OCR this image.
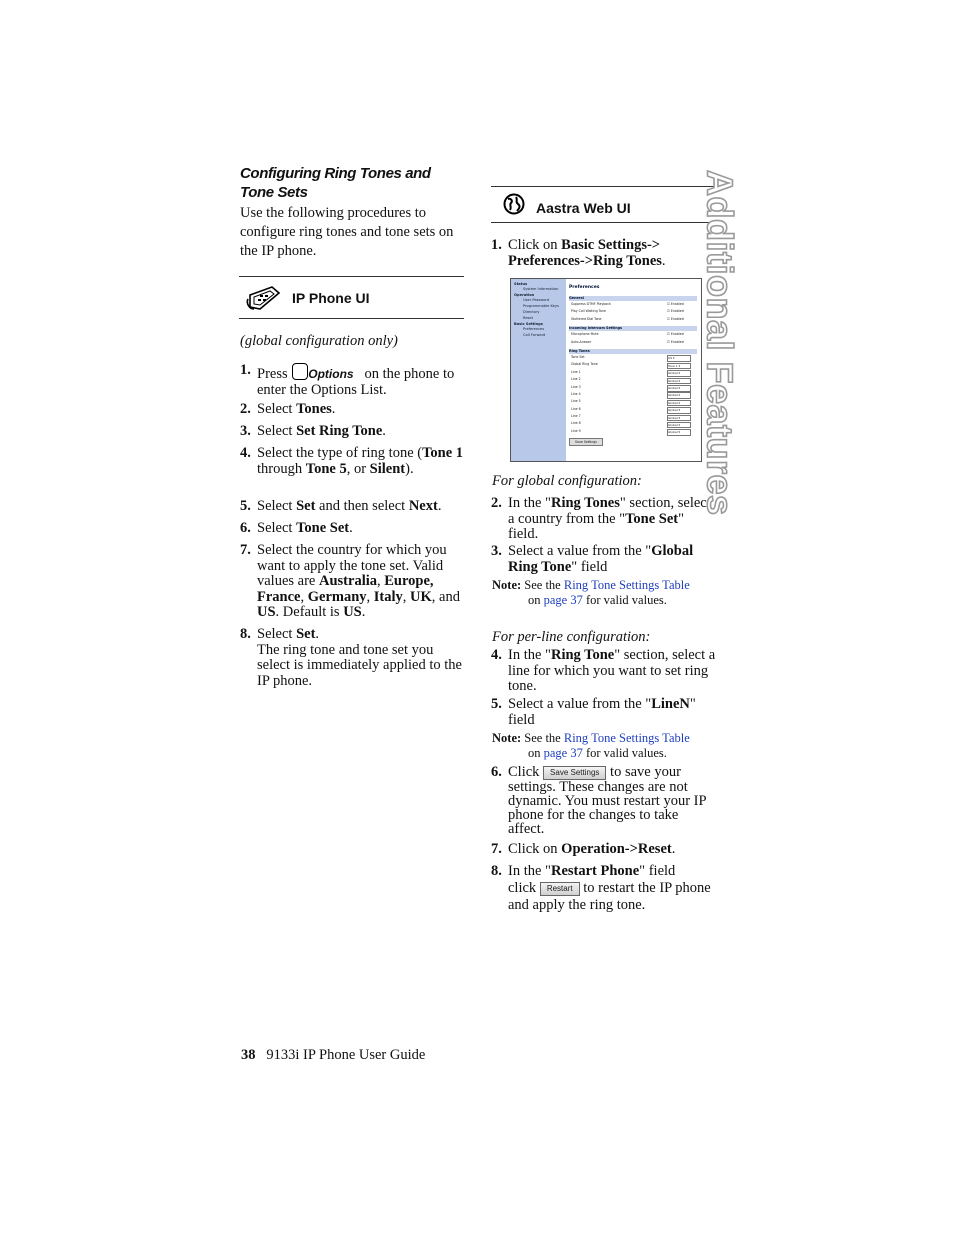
Configuring Ring Tones and Tone Sets
Use the following procedures to configure ring tones and tone sets on the IP phone.
IP Phone UI
(global configuration only)
1. Press Options on the phone to enter the Options List.
2. Select Tones.
3. Select Set Ring Tone.
4. Select the type of ring tone (Tone 1 through Tone 5, or Silent).
5. Select Set and then select Next.
6. Select Tone Set.
7. Select the country for which you want to apply the tone set. Valid values are Australia, Europe, France, Germany, Italy, UK, and US. Default is US.
8. Select Set.
The ring tone and tone set you select is immediately applied to the IP phone.
Aastra Web UI
1. Click on Basic Settings-> Preferences->Ring Tones.
Status
System Information
Operation
User Password
Programmable Keys
Directory
Reset
Basic Settings
Preferences
Call Forward
Preferences
General
Suppress DTMF Playback	☑ Enabled
Play Call Waiting Tone	☑ Enabled
Stuttered Dial Tone	☑ Enabled
Incoming Intercom Settings
Microphone Mute	☑ Enabled
Auto-Answer	☑ Enabled
Ring Tones
Tone Set	US ▾
Global Ring Tone	Tone 1 ▾
Line 1	Global ▾
Line 2	Global ▾
Line 3	Global ▾
Line 4	Global ▾
Line 5	Global ▾
Line 6	Global ▾
Line 7	Global ▾
Line 8	Global ▾
Line 9	Global ▾
Save Settings
For global configuration:
2. In the "Ring Tones" section, select a country from the "Tone Set" field.
3. Select a value from the "Global Ring Tone" field
Note: See the Ring Tone Settings Table
on page 37 for valid values.
For per-line configuration:
4. In the "Ring Tone" section, select a line for which you want to set ring tone.
5. Select a value from the "LineN" field
Note: See the Ring Tone Settings Table
on page 37 for valid values.
6. Click Save Settings to save your settings. These changes are not dynamic. You must restart your IP phone for the changes to take affect.
7. Click on Operation->Reset.
8. In the "Restart Phone" field
click Restart to restart the IP phone and apply the ring tone.
Additional Features
38 9133i IP Phone User Guide
